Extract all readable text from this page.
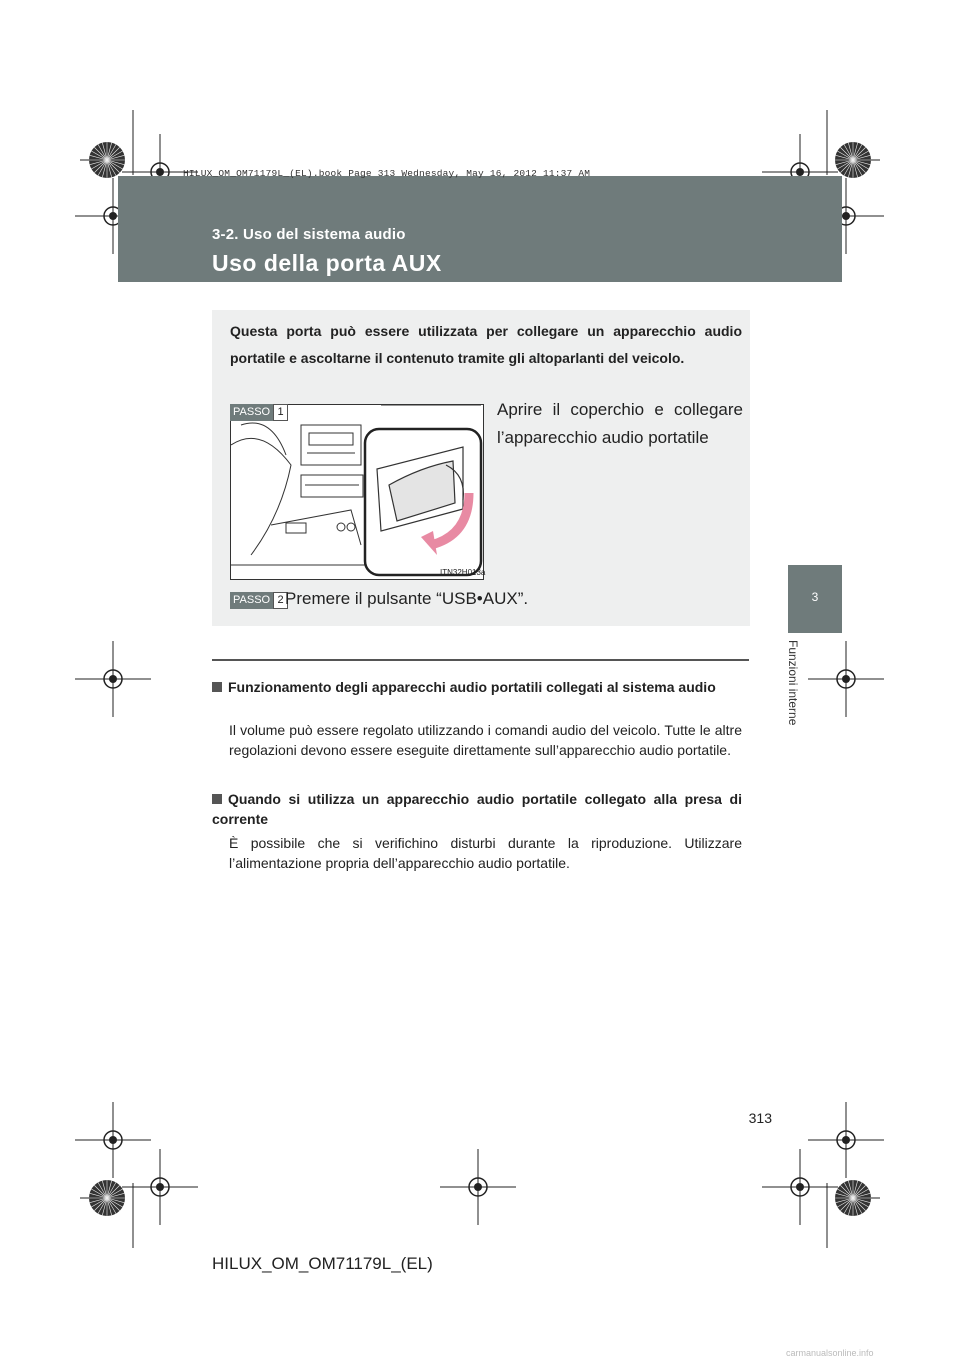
HILUX_OM_OM71179L_(EL).book Page 313 Wednesday, May 16, 2012 11:37 AM
3-2. Uso del sistema audio
Uso della porta AUX
3
Funzioni interne
Questa porta può essere utilizzata per collegare un apparecchio audio portatile e ascoltarne il contenuto tramite gli altoparlanti del veicolo.
ITN32H013a
PASSO 1	Aprire il coperchio e collegare l’apparecchio audio portatile
PASSO 2 Premere il pulsante “USB•AUX”.
Funzionamento degli apparecchi audio portatili collegati al sistema audio
Il volume può essere regolato utilizzando i comandi audio del veicolo. Tutte le altre regolazioni devono essere eseguite direttamente sull’apparecchio audio portatile.
Quando si utilizza un apparecchio audio portatile collegato alla presa di corrente
È possibile che si verifichino disturbi durante la riproduzione. Utilizzare l’alimentazione propria dell’apparecchio audio portatile.
313
HILUX_OM_OM71179L_(EL)
carmanualsonline.info
